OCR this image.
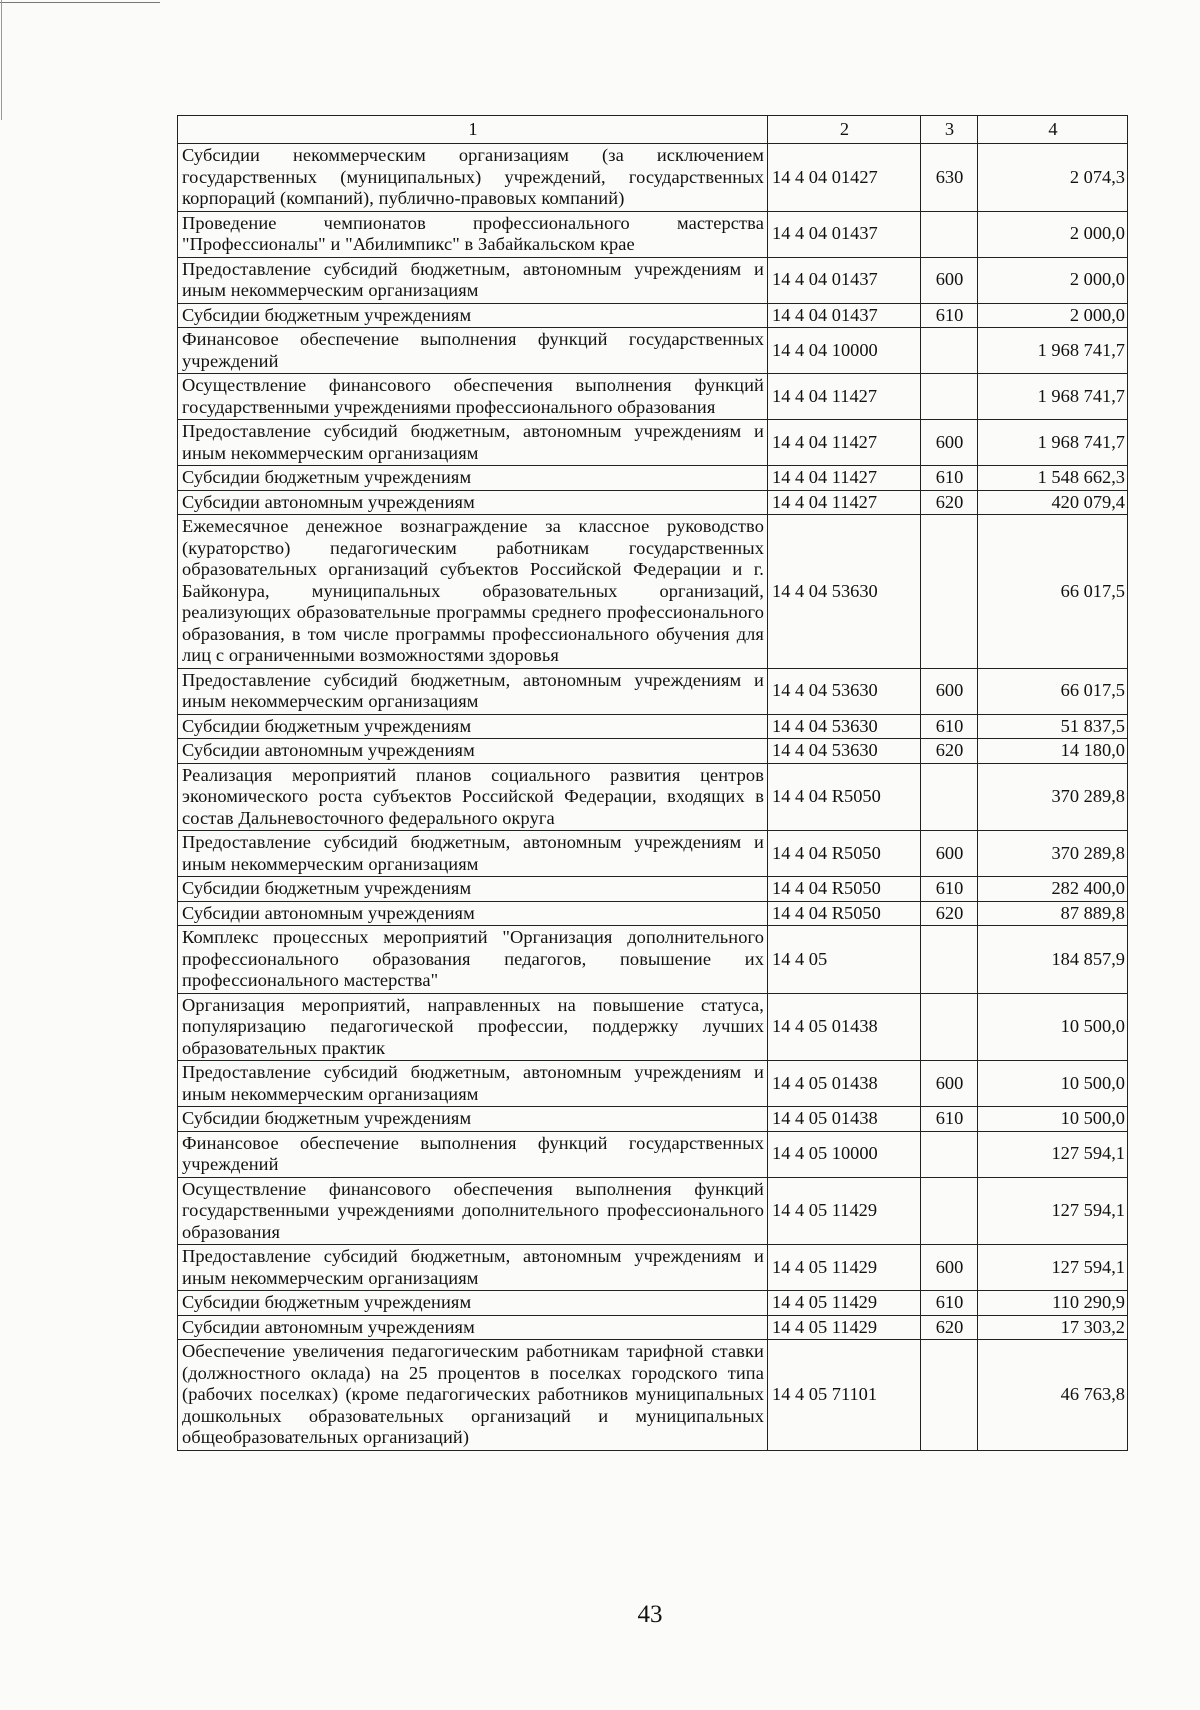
1	2	3	4
Субсидии некоммерческим организациям (за исключением государственных (муниципальных) учреждений, государственных корпораций (компаний), публично-правовых компаний)	14 4 04 01427	630	2 074,3
Проведение чемпионатов профессионального мастерства "Профессионалы" и "Абилимпикс" в Забайкальском крае	14 4 04 01437		2 000,0
Предоставление субсидий бюджетным, автономным учреждениям и иным некоммерческим организациям	14 4 04 01437	600	2 000,0
Субсидии бюджетным учреждениям	14 4 04 01437	610	2 000,0
Финансовое обеспечение выполнения функций государственных учреждений	14 4 04 10000		1 968 741,7
Осуществление финансового обеспечения выполнения функций государственными учреждениями профессионального образования	14 4 04 11427		1 968 741,7
Предоставление субсидий бюджетным, автономным учреждениям и иным некоммерческим организациям	14 4 04 11427	600	1 968 741,7
Субсидии бюджетным учреждениям	14 4 04 11427	610	1 548 662,3
Субсидии автономным учреждениям	14 4 04 11427	620	420 079,4
Ежемесячное денежное вознаграждение за классное руководство (кураторство) педагогическим работникам государственных образовательных организаций субъектов Российской Федерации и г. Байконура, муниципальных образовательных организаций, реализующих образовательные программы среднего профессионального образования, в том числе программы профессионального обучения для лиц с ограниченными возможностями здоровья	14 4 04 53630		66 017,5
Предоставление субсидий бюджетным, автономным учреждениям и иным некоммерческим организациям	14 4 04 53630	600	66 017,5
Субсидии бюджетным учреждениям	14 4 04 53630	610	51 837,5
Субсидии автономным учреждениям	14 4 04 53630	620	14 180,0
Реализация мероприятий планов социального развития центров экономического роста субъектов Российской Федерации, входящих в состав Дальневосточного федерального округа	14 4 04 R5050		370 289,8
Предоставление субсидий бюджетным, автономным учреждениям и иным некоммерческим организациям	14 4 04 R5050	600	370 289,8
Субсидии бюджетным учреждениям	14 4 04 R5050	610	282 400,0
Субсидии автономным учреждениям	14 4 04 R5050	620	87 889,8
Комплекс процессных мероприятий "Организация дополнительного профессионального образования педагогов, повышение их профессионального мастерства"	14 4 05		184 857,9
Организация мероприятий, направленных на повышение статуса, популяризацию педагогической профессии, поддержку лучших образовательных практик	14 4 05 01438		10 500,0
Предоставление субсидий бюджетным, автономным учреждениям и иным некоммерческим организациям	14 4 05 01438	600	10 500,0
Субсидии бюджетным учреждениям	14 4 05 01438	610	10 500,0
Финансовое обеспечение выполнения функций государственных учреждений	14 4 05 10000		127 594,1
Осуществление финансового обеспечения выполнения функций государственными учреждениями дополнительного профессионального образования	14 4 05 11429		127 594,1
Предоставление субсидий бюджетным, автономным учреждениям и иным некоммерческим организациям	14 4 05 11429	600	127 594,1
Субсидии бюджетным учреждениям	14 4 05 11429	610	110 290,9
Субсидии автономным учреждениям	14 4 05 11429	620	17 303,2
Обеспечение увеличения педагогическим работникам тарифной ставки (должностного оклада) на 25 процентов в поселках городского типа (рабочих поселках) (кроме педагогических работников муниципальных дошкольных образовательных организаций и муниципальных общеобразовательных организаций)	14 4 05 71101		46 763,8
43
